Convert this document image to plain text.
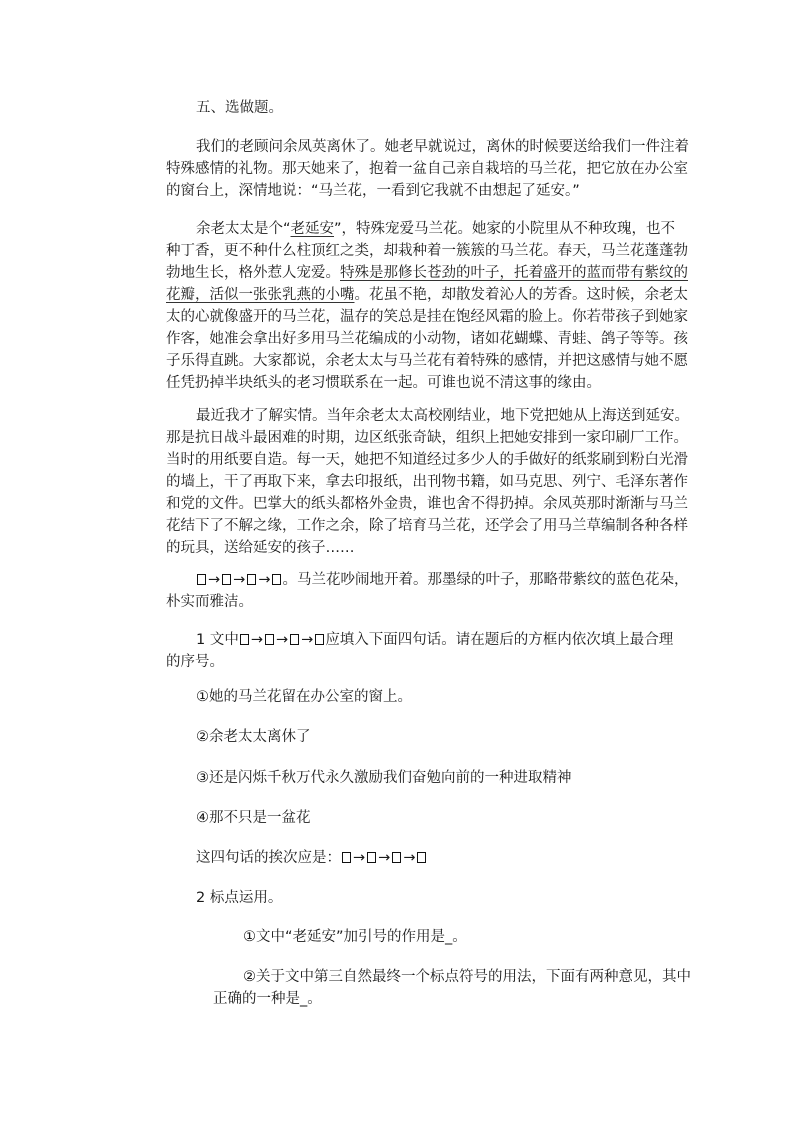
五、选做题。
我们的老顾问余凤英离休了。她老早就说过，离休的时候要送给我们一件注着
特殊感情的礼物。那天她来了，抱着一盆自己亲自栽培的马兰花，把它放在办公室
的窗台上，深情地说：“马兰花，一看到它我就不由想起了延安。”
余老太太是个“老延安”，特殊宠爱马兰花。她家的小院里从不种玫瑰，也不
种丁香，更不种什么柱顶红之类，却栽种着一簇簇的马兰花。春天，马兰花蓬蓬勃
勃地生长，格外惹人宠爱。特殊是那修长苍劲的叶子，托着盛开的蓝而带有紫纹的
花瓣，活似一张张乳燕的小嘴。花虽不艳，却散发着沁人的芳香。这时候，余老太
太的心就像盛开的马兰花，温存的笑总是挂在饱经风霜的脸上。你若带孩子到她家
作客，她准会拿出好多用马兰花编成的小动物，诸如花蝴蝶、青蛙、鸽子等等。孩
子乐得直跳。大家都说，余老太太与马兰花有着特殊的感情，并把这感情与她不愿
任凭扔掉半块纸头的老习惯联系在一起。可谁也说不清这事的缘由。
最近我才了解实情。当年余老太太高校刚结业，地下党把她从上海送到延安。
那是抗日战斗最困难的时期，边区纸张奇缺，组织上把她安排到一家印刷厂工作。
当时的用纸要自造。每一天，她把不知道经过多少人的手做好的纸浆刷到粉白光滑
的墙上，干了再取下来，拿去印报纸，出刊物书籍，如马克思、列宁、毛泽东著作
和党的文件。巴掌大的纸头都格外金贵，谁也舍不得扔掉。余凤英那时渐渐与马兰
花结下了不解之缘，工作之余，除了培育马兰花，还学会了用马兰草编制各种各样
的玩具，送给延安的孩子……
→ → → 。马兰花吵闹地开着。那墨绿的叶子，那略带紫纹的蓝色花朵，
朴实而雅洁。
1 文中 → → → 应填入下面四句话。请在题后的方框内依次填上最合理
的序号。
①她的马兰花留在办公室的窗上。
②余老太太离休了
③还是闪烁千秋万代永久激励我们奋勉向前的一种进取精神
④那不只是一盆花
这四句话的挨次应是： → → →
2 标点运用。
①文中“老延安”加引号的作用是_。
②关于文中第三自然最终一个标点符号的用法，下面有两种意见，其中
正确的一种是_。
